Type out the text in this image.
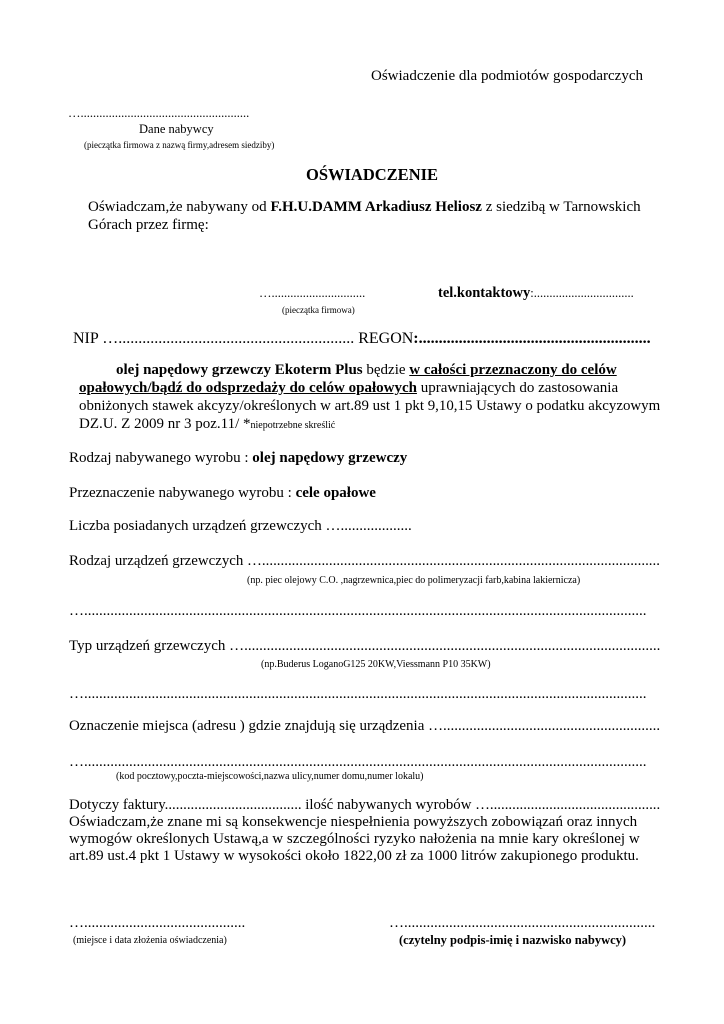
Oświadczenie dla podmiotów gospodarczych
…......................................................
Dane nabywcy
(pieczątka firmowa z nazwą firmy,adresem siedziby)
OŚWIADCZENIE
Oświadczam,że nabywany od F.H.U.DAMM Arkadiusz Heliosz z siedzibą w Tarnowskich
Górach przez firmę:
…..............................
(pieczątka firmowa)
tel.kontaktowy:................................
NIP …........................................................... REGON:..........................................................
olej napędowy grzewczy Ekoterm Plus będzie w całości przeznaczony do celów
opałowych/bądź do odsprzedaży do celów opałowych uprawniających do zastosowania
obniżonych stawek akcyzy/określonych w art.89 ust 1 pkt 9,10,15 Ustawy o podatku akcyzowym
DZ.U. Z 2009 nr 3 poz.11/ *niepotrzebne skreślić
Rodzaj nabywanego wyrobu : olej napędowy grzewczy
Przeznaczenie nabywanego wyrobu : cele opałowe
Liczba posiadanych urządzeń grzewczych …...................
Rodzaj urządzeń grzewczych …...........................................................................................................
(np. piec olejowy C.O. ,nagrzewnica,piec do polimeryzacji farb,kabina lakiernicza)
…......................................................................................................................................................
Typ urządzeń grzewczych …...............................................................................................................
(np.Buderus LoganoG125 20KW,Viessmann P10 35KW)
…......................................................................................................................................................
Oznaczenie miejsca (adresu ) gdzie znajdują się urządzenia …..........................................................
…......................................................................................................................................................
(kod pocztowy,poczta-miejscowości,nazwa ulicy,numer domu,numer lokalu)
Dotyczy faktury..................................... ilość nabywanych wyrobów …..............................................
Oświadczam,że znane mi są konsekwencje niespełnienia powyższych zobowiązań oraz innych
wymogów określonych Ustawą,a w szczególności ryzyko nałożenia na mnie kary określonej w
art.89 ust.4 pkt 1 Ustawy w wysokości około 1822,00 zł za 1000 litrów zakupionego produktu.
…...........................................
(miejsce i data złożenia oświadczenia)
…...................................................................
(czytelny podpis-imię i nazwisko nabywcy)
